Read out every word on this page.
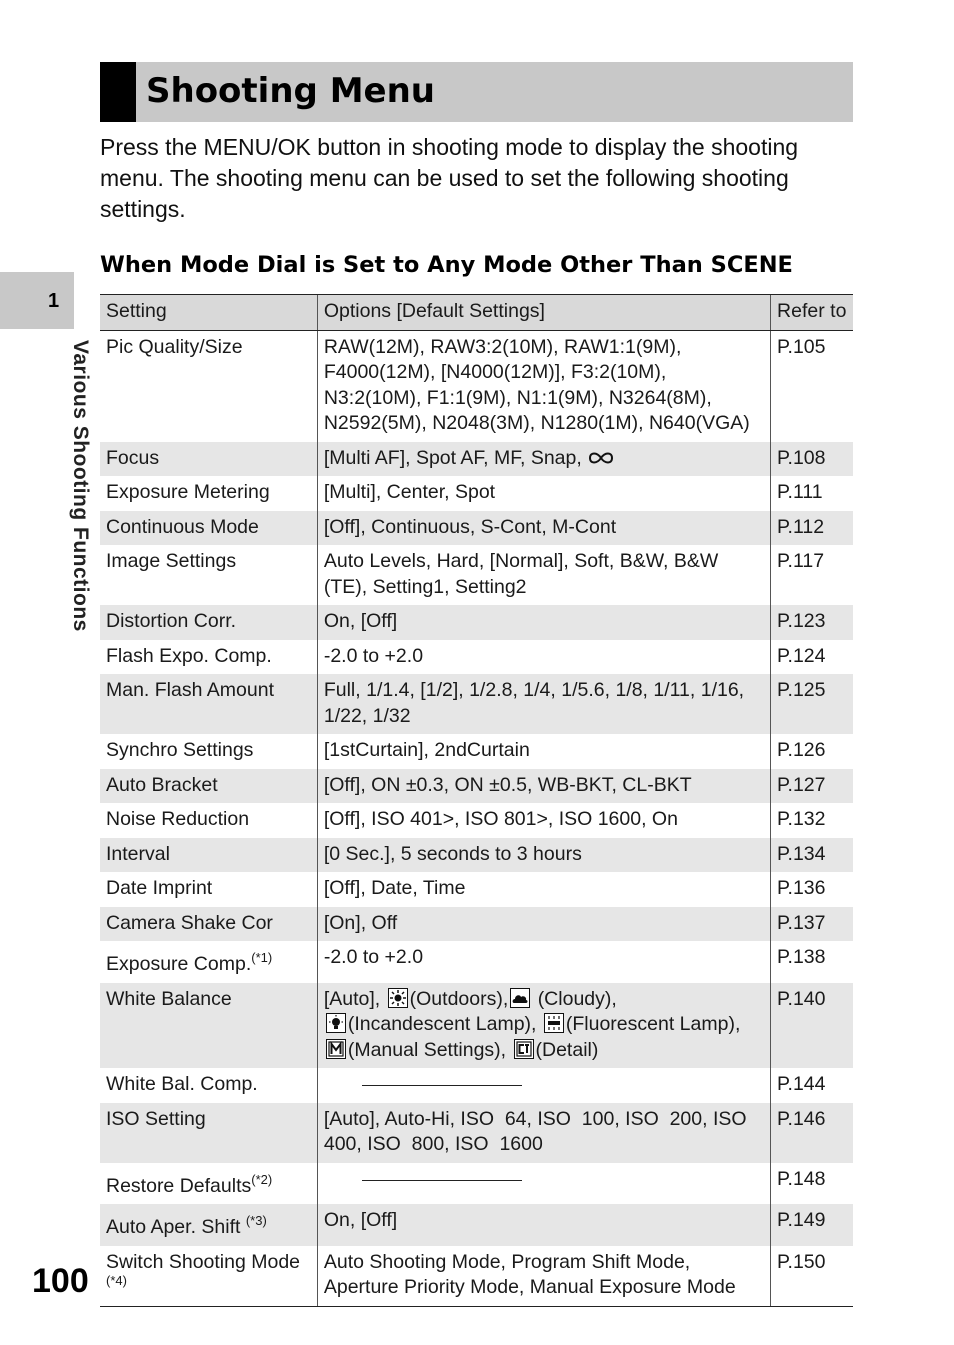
Shooting Menu
Press the MENU/OK button in shooting mode to display the shooting menu. The shooting menu can be used to set the following shooting settings.
When Mode Dial is Set to Any Mode Other Than SCENE
1
Various Shooting Functions
Setting	Options [Default Settings]	Refer to
Pic Quality/Size	RAW(12M), RAW3:2(10M), RAW1:1(9M), F4000(12M), [N4000(12M)], F3:2(10M), N3:2(10M), F1:1(9M), N1:1(9M), N3264(8M), N2592(5M), N2048(3M), N1280(1M), N640(VGA)	P.105
Focus	[Multi AF], Spot AF, MF, Snap,	P.108
Exposure Metering	[Multi], Center, Spot	P.111
Continuous Mode	[Off], Continuous, S-Cont, M-Cont	P.112
Image Settings	Auto Levels, Hard, [Normal], Soft, B&W, B&W (TE), Setting1, Setting2	P.117
Distortion Corr.	On, [Off]	P.123
Flash Expo. Comp.	-2.0 to +2.0	P.124
Man. Flash Amount	Full, 1/1.4, [1/2], 1/2.8, 1/4, 1/5.6, 1/8, 1/11, 1/16, 1/22, 1/32	P.125
Synchro Settings	[1stCurtain], 2ndCurtain	P.126
Auto Bracket	[Off], ON ±0.3, ON ±0.5, WB-BKT, CL-BKT	P.127
Noise Reduction	[Off], ISO 401>, ISO 801>, ISO 1600, On	P.132
Interval	[0 Sec.], 5 seconds to 3 hours	P.134
Date Imprint	[Off], Date, Time	P.136
Camera Shake Cor	[On], Off	P.137
Exposure Comp.$^{(*1)}$	-2.0 to +2.0	P.138
White Balance	[Auto], (Outdoors), (Cloudy),
(Incandescent Lamp), (Fluorescent Lamp),
(Manual Settings), (Detail)	P.140
White Bal. Comp.		P.144
ISO Setting	[Auto], Auto-Hi, ISO  64, ISO  100, ISO  200, ISO  400, ISO  800, ISO  1600	P.146
Restore Defaults$^{(*2)}$		P.148
Auto Aper. Shift $^{(*3)}$	On, [Off]	P.149
Switch Shooting Mode
(*4)	Auto Shooting Mode, Program Shift Mode, Aperture Priority Mode, Manual Exposure Mode	P.150
100
